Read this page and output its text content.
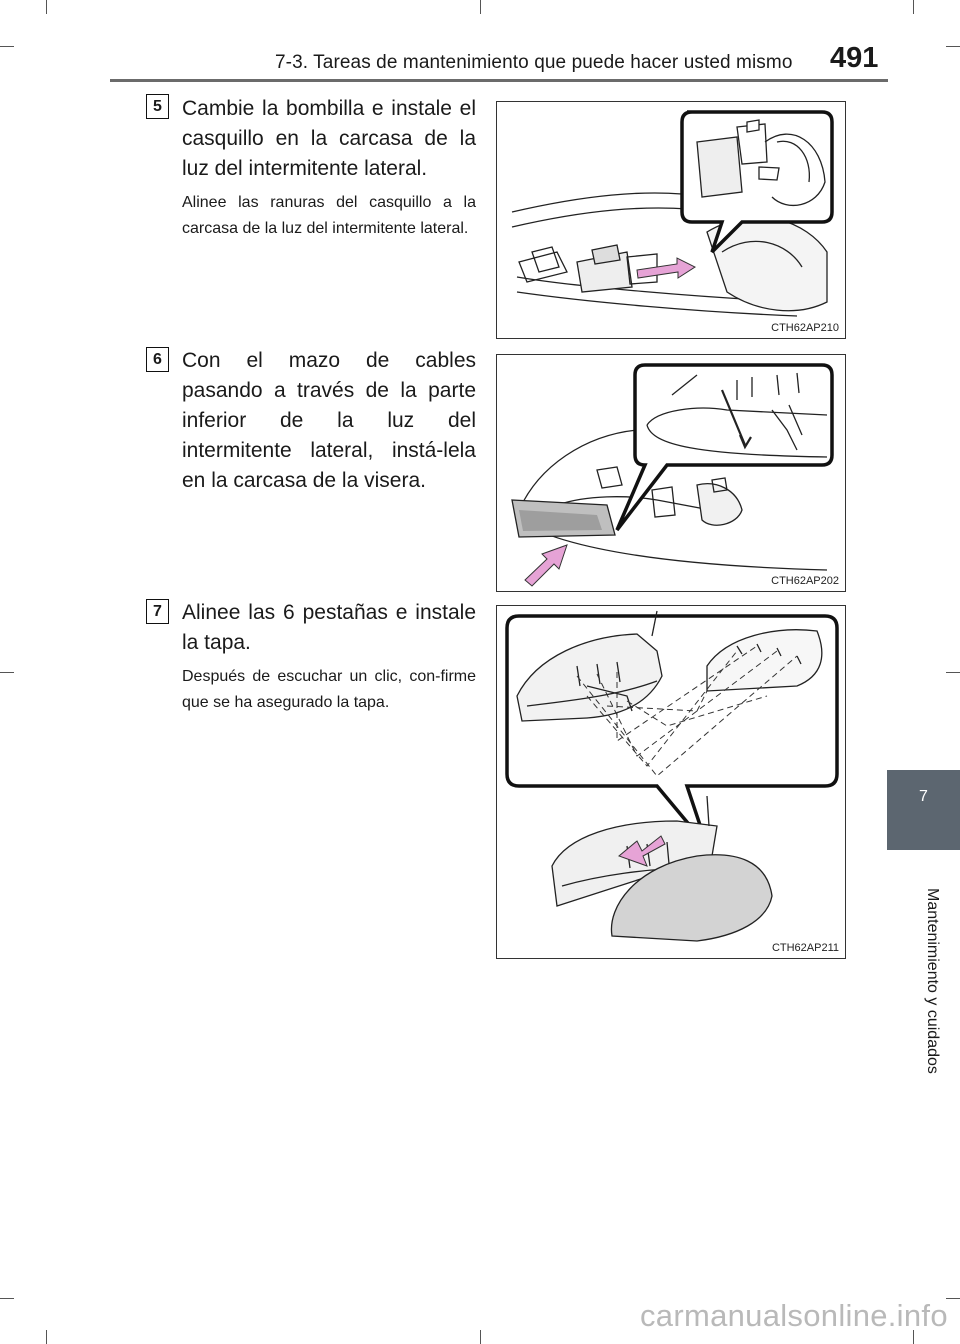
7-3. Tareas de mantenimiento que puede hacer usted mismo 491
7
Mantenimiento y cuidados
5 Cambie la bombilla e instale el casquillo en la carcasa de la luz del intermitente lateral.
Alinee las ranuras del casquillo a la carcasa de la luz del intermitente lateral.
CTH62AP210
6 Con el mazo de cables pasando a través de la parte inferior de la luz del intermitente lateral, instá-lela en la carcasa de la visera.
CTH62AP202
7 Alinee las 6 pestañas e instale la tapa.
Después de escuchar un clic, con-firme que se ha asegurado la tapa.
CTH62AP211
carmanualsonline.info
